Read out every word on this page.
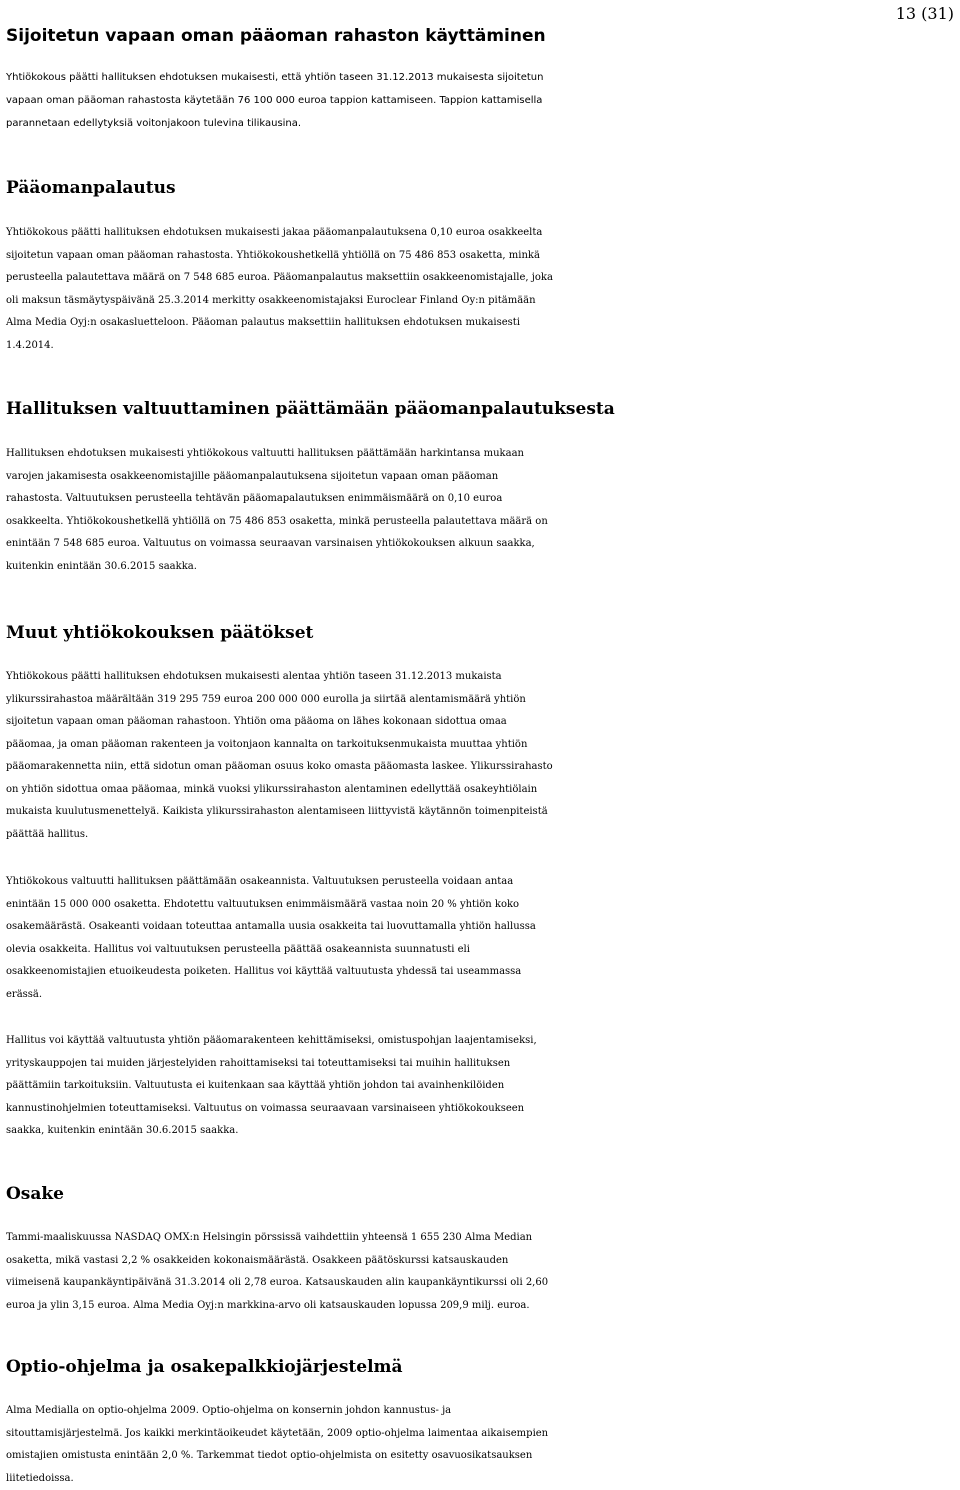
13 (31)
Sijoitetun vapaan oman pääoman rahaston käyttäminen
Yhtiökokous päätti hallituksen ehdotuksen mukaisesti, että yhtiön taseen 31.12.2013 mukaisesta sijoitetun
vapaan oman pääoman rahastosta käytetään 76 100 000 euroa tappion kattamiseen. Tappion kattamisella
parannetaan edellytyksiä voitonjakoon tulevina tilikausina.
Pääomanpalautus
Yhtiökokous päätti hallituksen ehdotuksen mukaisesti jakaa pääomanpalautuksena 0,10 euroa osakkeelta
sijoitetun vapaan oman pääoman rahastosta. Yhtiökokoushetkellä yhtiöllä on 75 486 853 osaketta, minkä
perusteella palautettava määrä on 7 548 685 euroa. Pääomanpalautus maksettiin osakkeenomistajalle, joka
oli maksun täsmäytyspäivänä 25.3.2014 merkitty osakkeenomistajaksi Euroclear Finland Oy:n pitämään
Alma Media Oyj:n osakasluetteloon. Pääoman palautus maksettiin hallituksen ehdotuksen mukaisesti
1.4.2014.
Hallituksen valtuuttaminen päättämään pääomanpalautuksesta
Hallituksen ehdotuksen mukaisesti yhtiökokous valtuutti hallituksen päättämään harkintansa mukaan
varojen jakamisesta osakkeenomistajille pääomanpalautuksena sijoitetun vapaan oman pääoman
rahastosta. Valtuutuksen perusteella tehtävän pääomapalautuksen enimmäismäärä on 0,10 euroa
osakkeelta. Yhtiökokoushetkellä yhtiöllä on 75 486 853 osaketta, minkä perusteella palautettava määrä on
enintään 7 548 685 euroa. Valtuutus on voimassa seuraavan varsinaisen yhtiökokouksen alkuun saakka,
kuitenkin enintään 30.6.2015 saakka.
Muut yhtiökokouksen päätökset
Yhtiökokous päätti hallituksen ehdotuksen mukaisesti alentaa yhtiön taseen 31.12.2013 mukaista
ylikurssirahastoa määrältään 319 295 759 euroa 200 000 000 eurolla ja siirtää alentamismäärä yhtiön
sijoitetun vapaan oman pääoman rahastoon. Yhtiön oma pääoma on lähes kokonaan sidottua omaa
pääomaa, ja oman pääoman rakenteen ja voitonjaon kannalta on tarkoituksenmukaista muuttaa yhtiön
pääomarakennetta niin, että sidotun oman pääoman osuus koko omasta pääomasta laskee. Ylikurssirahasto
on yhtiön sidottua omaa pääomaa, minkä vuoksi ylikurssirahaston alentaminen edellyttää osakeyhtiölain
mukaista kuulutusmenettelyä. Kaikista ylikurssirahaston alentamiseen liittyvistä käytännön toimenpiteistä
päättää hallitus.
Yhtiökokous valtuutti hallituksen päättämään osakeannista. Valtuutuksen perusteella voidaan antaa
enintään 15 000 000 osaketta. Ehdotettu valtuutuksen enimmäismäärä vastaa noin 20 % yhtiön koko
osakemäärästä. Osakeanti voidaan toteuttaa antamalla uusia osakkeita tai luovuttamalla yhtiön hallussa
olevia osakkeita. Hallitus voi valtuutuksen perusteella päättää osakeannista suunnatusti eli
osakkeenomistajien etuoikeudesta poiketen. Hallitus voi käyttää valtuutusta yhdessä tai useammassa
erässä.
Hallitus voi käyttää valtuutusta yhtiön pääomarakenteen kehittämiseksi, omistuspohjan laajentamiseksi,
yrityskauppojen tai muiden järjestelyiden rahoittamiseksi tai toteuttamiseksi tai muihin hallituksen
päättämiin tarkoituksiin. Valtuutusta ei kuitenkaan saa käyttää yhtiön johdon tai avainhenkilöiden
kannustinohjelmien toteuttamiseksi. Valtuutus on voimassa seuraavaan varsinaiseen yhtiökokoukseen
saakka, kuitenkin enintään 30.6.2015 saakka.
Osake
Tammi-maaliskuussa NASDAQ OMX:n Helsingin pörssissä vaihdettiin yhteensä 1 655 230 Alma Median
osaketta, mikä vastasi 2,2 % osakkeiden kokonaismäärästä. Osakkeen päätöskurssi katsauskauden
viimeisenä kaupankäyntipäivänä 31.3.2014 oli 2,78 euroa. Katsauskauden alin kaupankäyntikurssi oli 2,60
euroa ja ylin 3,15 euroa. Alma Media Oyj:n markkina-arvo oli katsauskauden lopussa 209,9 milj. euroa.
Optio-ohjelma ja osakepalkkiojärjestelmä
Alma Medialla on optio-ohjelma 2009. Optio-ohjelma on konsernin johdon kannustus- ja
sitouttamisjärjestelmä. Jos kaikki merkintäoikeudet käytetään, 2009 optio-ohjelma laimentaa aikaisempien
omistajien omistusta enintään 2,0 %. Tarkemmat tiedot optio-ohjelmista on esitetty osavuosikatsauksen
liitetiedoissa.
